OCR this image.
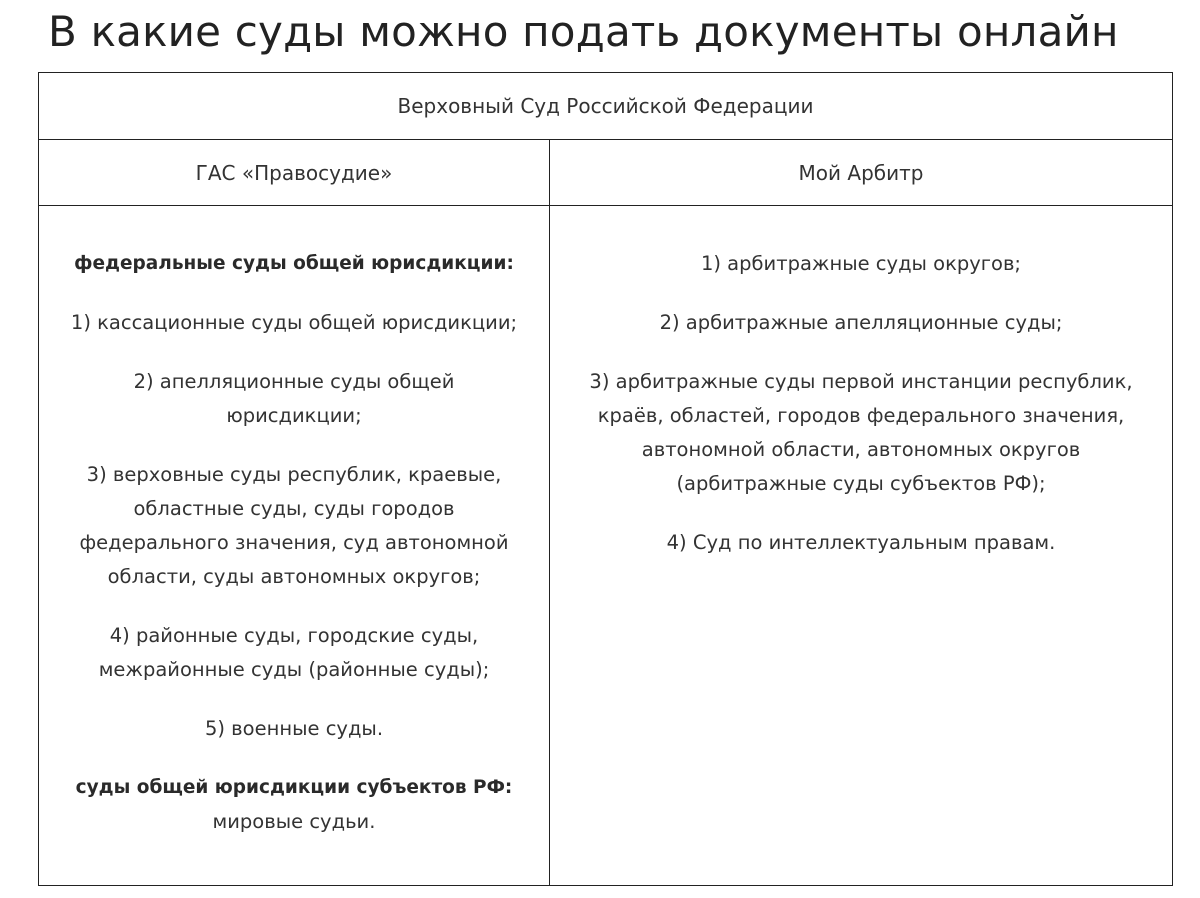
В какие суды можно подать документы онлайн
Верховный Суд Российской Федерации
ГАС «Правосудие»	Мой Арбитр

федеральные суды общей юрисдикции:

1) кассационные суды общей юрисдикции;

2) апелляционные суды общей юрисдикции;

3) верховные суды республик, краевые, областные суды, суды городов федерального значения, суд автономной области, суды автономных округов;

4) районные суды, городские суды, межрайонные суды (районные суды);

5) военные суды.

суды общей юрисдикции субъектов РФ:
мировые судьи.

1) арбитражные суды округов;

2) арбитражные апелляционные суды;

3) арбитражные суды первой инстанции республик, краёв, областей, городов федерального значения, автономной области, автономных округов (арбитражные суды субъектов РФ);

4) Суд по интеллектуальным правам.
